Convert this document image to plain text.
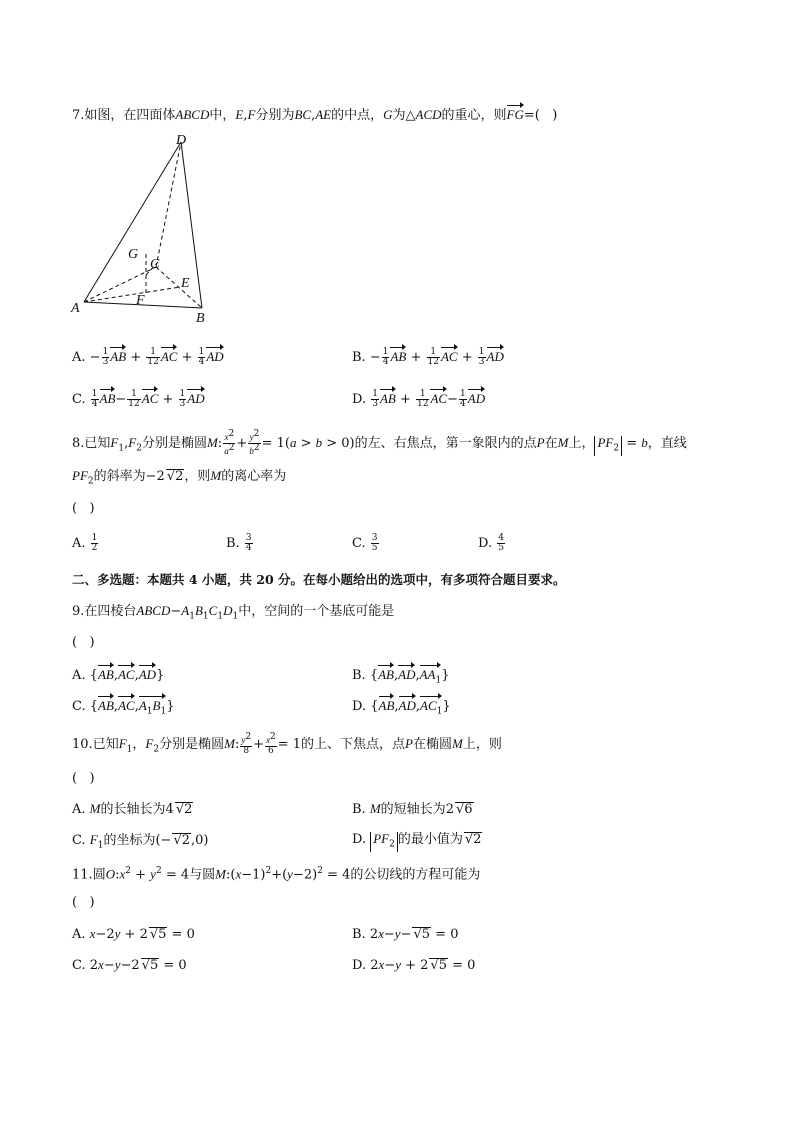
7.如图，在四面体ABCD中，E,F分别为BC,AE的中点，G为△ACD的重心，则FG=(   )
D
G
C
E
A
F
B
A. − $\frac{1}{3}$ AB + $\frac{1}{12}$ AC + $\frac{1}{4}$ AD	B. − $\frac{1}{4}$ AB + $\frac{1}{12}$ AC + $\frac{1}{3}$ AD
C. $\frac{1}{4} AB- \frac{1}{12}$ AC + $\frac{1}{3}$ AD	D. $\frac{1}{3}$ AB + $\frac{1}{12} AC- \frac{1}{4}$ AD
8.已知$F_1,F_2$分别是椭圆M: $\frac{x^2}{a^2} + \frac{y^2}{b^2} = 1(a > b > 0)$的左、右焦点，第一象限内的点P在M上， $PF_2 = b$，直线
$PF_2$的斜率为−2 √2，则M的离心率为
(   )
A. $\frac{1}{2}$	B. $\frac{3}{4}$	C. $\frac{3}{5}$	D. $\frac{4}{5}$
二、多选题：本题共 4 小题，共 20 分。在每小题给出的选项中，有多项符合题目要求。
9.在四棱台$ABCD-A_1B_1C_1D_1$中，空间的一个基底可能是
(   )
A. {AB,AC,AD}	B. $\{AB,AD,AA_1\}$
C. $\{AB,AC,A_1B_1\}$	D. $\{AB,AD,AC_1\}$
10.已知$F_1$，$F_2$分别是椭圆M: $\frac{y^2}{8} + \frac{x^2}{6} = 1$的上、下焦点，点P在椭圆M上，则
(   )
A. M的长轴长为4 √2	B. M的短轴长为2 √6
C. $F_1$的坐标为(− √2,0)	D. $PF_2$ 的最小值为 √2
11.圆$O:x^2 + y^2 = 4$与圆$M:(x-1)^2+(y-2)^2 = 4$的公切线的方程可能为
(   )
A. x−2y + 2 √5 = 0	B. 2x−y− √5 = 0
C. 2x−y−2 √5 = 0	D. 2x−y + 2 √5 = 0
